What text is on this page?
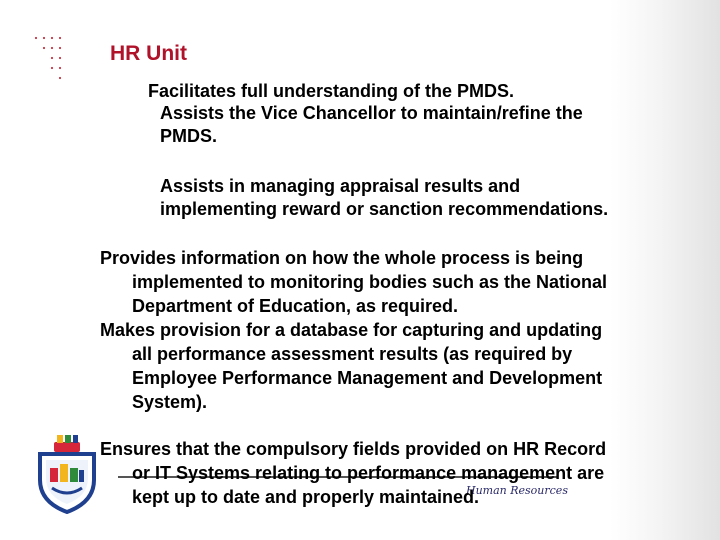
HR Unit
Facilitates full understanding of the PMDS.
Assists the Vice Chancellor to maintain/refine the
PMDS.
Assists in managing appraisal results and
implementing reward or sanction recommendations.
Provides information on how the whole process is being
implemented to monitoring bodies such as the National
Department of Education, as required.
Makes provision for a database for capturing and updating
all performance assessment results (as required by
Employee Performance Management and Development
System).
Human Resources
Ensures that the compulsory fields provided on HR Record
or IT Systems relating to performance management are
kept up to date and properly maintained.
